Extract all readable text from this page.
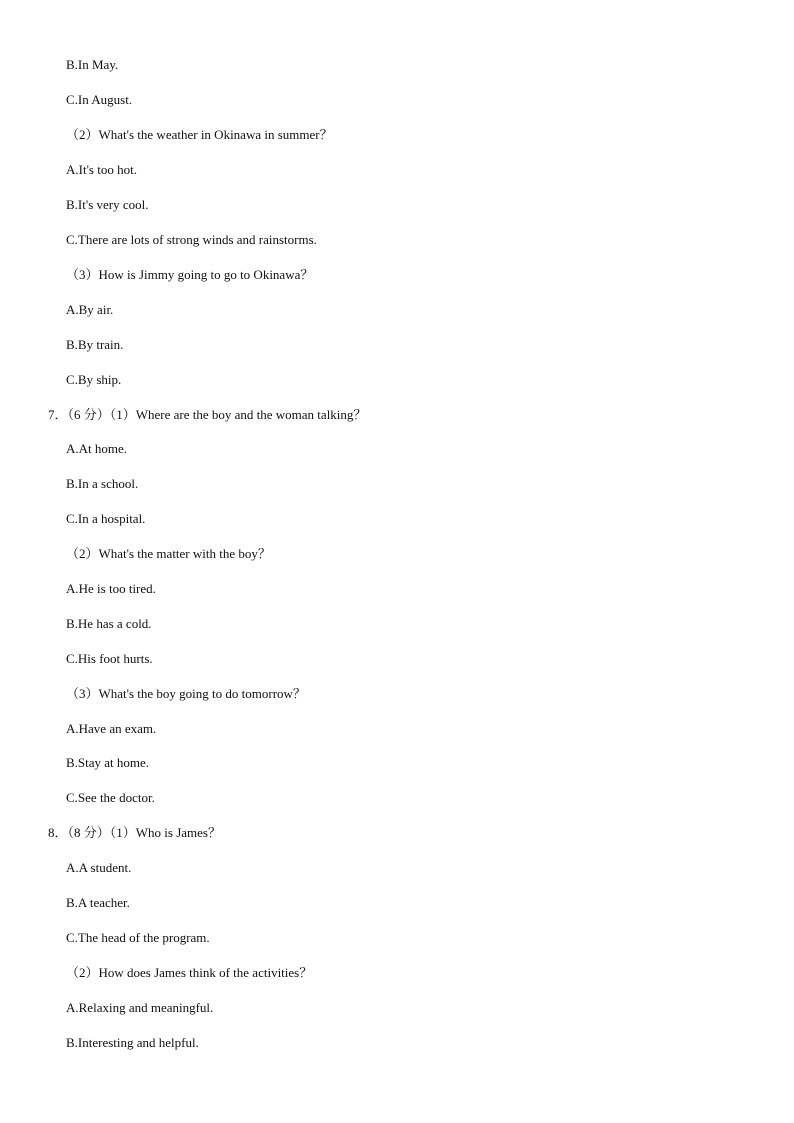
B.In May.
C.In August.
（2）What's the weather in Okinawa in summer？
A.It's too hot.
B.It's very cool.
C.There are lots of strong winds and rainstorms.
（3）How is Jimmy going to go to Okinawa？
A.By air.
B.By train.
C.By ship.
7．（6 分）（1）Where are the boy and the woman talking？
A.At home.
B.In a school.
C.In a hospital.
（2）What's the matter with the boy？
A.He is too tired.
B.He has a cold.
C.His foot hurts.
（3）What's the boy going to do tomorrow？
A.Have an exam.
B.Stay at home.
C.See the doctor.
8．（8 分）（1）Who is James？
A.A student.
B.A teacher.
C.The head of the program.
（2）How does James think of the activities？
A.Relaxing and meaningful.
B.Interesting and helpful.
